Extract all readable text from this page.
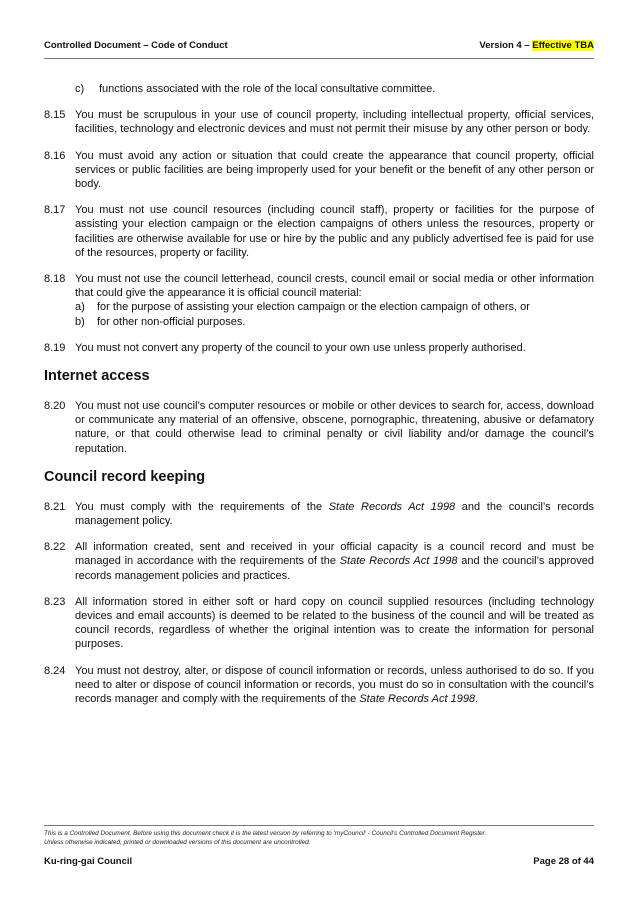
Controlled Document – Code of Conduct	Version 4 – Effective TBA
c)	functions associated with the role of the local consultative committee.
8.15 You must be scrupulous in your use of council property, including intellectual property, official services, facilities, technology and electronic devices and must not permit their misuse by any other person or body.
8.16 You must avoid any action or situation that could create the appearance that council property, official services or public facilities are being improperly used for your benefit or the benefit of any other person or body.
8.17 You must not use council resources (including council staff), property or facilities for the purpose of assisting your election campaign or the election campaigns of others unless the resources, property or facilities are otherwise available for use or hire by the public and any publicly advertised fee is paid for use of the resources, property or facility.
8.18 You must not use the council letterhead, council crests, council email or social media or other information that could give the appearance it is official council material:

a)	for the purpose of assisting your election campaign or the election campaign of others, or
b)	for other non-official purposes.
8.19 You must not convert any property of the council to your own use unless properly authorised.
Internet access
8.20 You must not use council’s computer resources or mobile or other devices to search for, access, download or communicate any material of an offensive, obscene, pornographic, threatening, abusive or defamatory nature, or that could otherwise lead to criminal penalty or civil liability and/or damage the council’s reputation.
Council record keeping
8.21 You must comply with the requirements of the State Records Act 1998 and the council’s records management policy.
8.22 All information created, sent and received in your official capacity is a council record and must be managed in accordance with the requirements of the State Records Act 1998 and the council’s approved records management policies and practices.
8.23 All information stored in either soft or hard copy on council supplied resources (including technology devices and email accounts) is deemed to be related to the business of the council and will be treated as council records, regardless of whether the original intention was to create the information for personal purposes.
8.24 You must not destroy, alter, or dispose of council information or records, unless authorised to do so. If you need to alter or dispose of council information or records, you must do so in consultation with the council’s records manager and comply with the requirements of the State Records Act 1998.
This is a Controlled Document. Before using this document check it is the latest version by referring to ‘myCouncil’ - Council’s Controlled Document Register.
Unless otherwise indicated, printed or downloaded versions of this document are uncontrolled.
Ku-ring-gai Council	Page 28 of 44
